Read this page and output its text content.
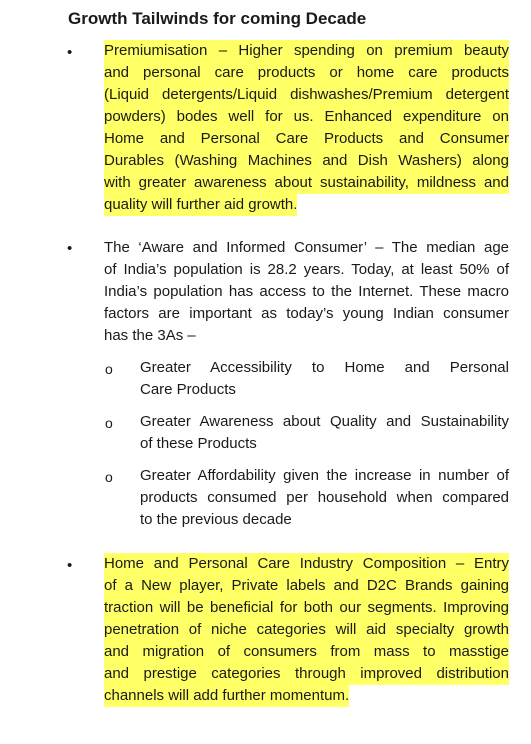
Growth Tailwinds for coming Decade
• Premiumisation – Higher spending on premium beauty
and personal care products or home care products
(Liquid detergents/Liquid dishwashes/Premium detergent
powders) bodes well for us. Enhanced expenditure on
Home and Personal Care Products and Consumer
Durables (Washing Machines and Dish Washers) along
with greater awareness about sustainability, mildness and
quality will further aid growth.
• The ‘Aware and Informed Consumer’ – The median age
of India’s population is 28.2 years. Today, at least 50% of
India’s population has access to the Internet. These macro
factors are important as today’s young Indian consumer
has the 3As –
o Greater Accessibility to Home and Personal
Care Products
o Greater Awareness about Quality and Sustainability
of these Products
o Greater Affordability given the increase in number of
products consumed per household when compared
to the previous decade
• Home and Personal Care Industry Composition – Entry
of a New player, Private labels and D2C Brands gaining
traction will be beneficial for both our segments. Improving
penetration of niche categories will aid specialty growth
and migration of consumers from mass to masstige
and prestige categories through improved distribution
channels will add further momentum.
